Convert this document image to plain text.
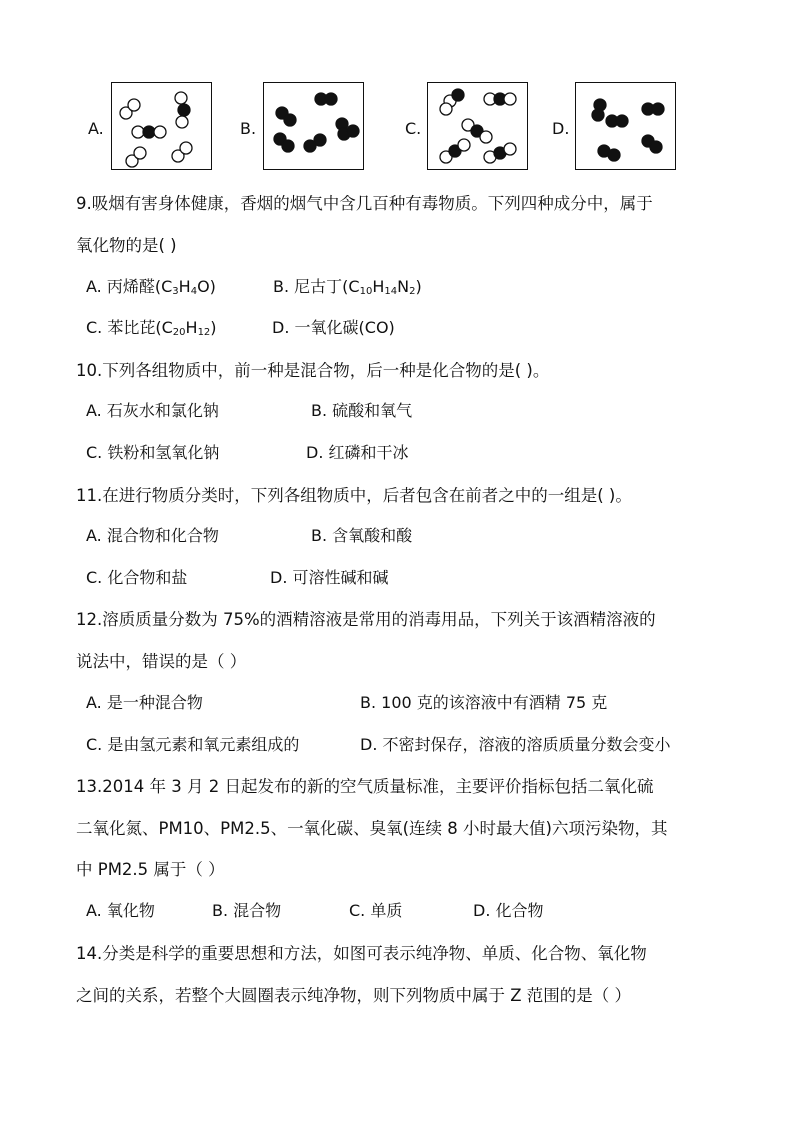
A.	B.	C.	D.
9.吸烟有害身体健康，香烟的烟气中含几百种有毒物质。下列四种成分中，属于
氧化物的是( )
A. 丙烯醛$(C_3H_4O)$	B. 尼古丁$(C_{10}H_{14}N_2)$
C. 苯比芘$(C_{20}H_{12})$	D. 一氧化碳(CO)
10.下列各组物质中，前一种是混合物，后一种是化合物的是( )。
A. 石灰水和氯化钠	B. 硫酸和氧气
C. 铁粉和氢氧化钠	D. 红磷和干冰
11.在进行物质分类时，下列各组物质中，后者包含在前者之中的一组是( )。
A. 混合物和化合物	B. 含氧酸和酸
C. 化合物和盐	D. 可溶性碱和碱
12.溶质质量分数为 75%的酒精溶液是常用的消毒用品，下列关于该酒精溶液的
说法中，错误的是（ ）
A. 是一种混合物	B. 100 克的该溶液中有酒精 75 克
C. 是由氢元素和氧元素组成的	D. 不密封保存，溶液的溶质质量分数会变小
13.2014 年 3 月 2 日起发布的新的空气质量标准，主要评价指标包括二氧化硫
二氧化氮、PM10、PM2.5、一氧化碳、臭氧(连续 8 小时最大值)六项污染物，其
中 PM2.5 属于（ ）
A. 氧化物	B. 混合物	C. 单质	D. 化合物
14.分类是科学的重要思想和方法，如图可表示纯净物、单质、化合物、氧化物
之间的关系，若整个大圆圈表示纯净物，则下列物质中属于 Z 范围的是（ ）
